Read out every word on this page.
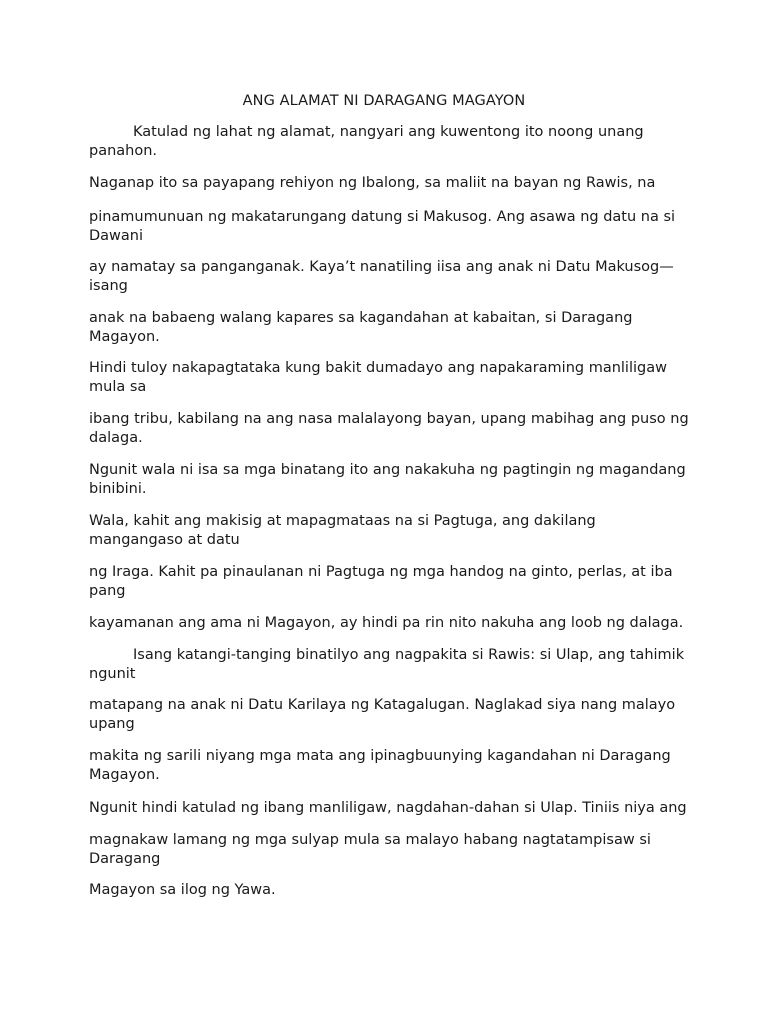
ANG ALAMAT NI DARAGANG MAGAYON

Katulad ng lahat ng alamat, nangyari ang kuwentong ito noong unang panahon.

Naganap ito sa payapang rehiyon ng Ibalong, sa maliit na bayan ng Rawis, na

pinamumunuan ng makatarungang datung si Makusog. Ang asawa ng datu na si Dawani

ay namatay sa panganganak. Kaya’t nanatiling iisa ang anak ni Datu Makusog—isang

anak na babaeng walang kapares sa kagandahan at kabaitan, si Daragang Magayon.

Hindi tuloy nakapagtataka kung bakit dumadayo ang napakaraming manliligaw mula sa

ibang tribu, kabilang na ang nasa malalayong bayan, upang mabihag ang puso ng dalaga.

Ngunit wala ni isa sa mga binatang ito ang nakakuha ng pagtingin ng magandang binibini.

Wala, kahit ang makisig at mapagmataas na si Pagtuga, ang dakilang mangangaso at datu

ng Iraga. Kahit pa pinaulanan ni Pagtuga ng mga handog na ginto, perlas, at iba pang

kayamanan ang ama ni Magayon, ay hindi pa rin nito nakuha ang loob ng dalaga.

Isang katangi-tanging binatilyo ang nagpakita si Rawis: si Ulap, ang tahimik ngunit

matapang na anak ni Datu Karilaya ng Katagalugan. Naglakad siya nang malayo upang

makita ng sarili niyang mga mata ang ipinagbuunying kagandahan ni Daragang Magayon.

Ngunit hindi katulad ng ibang manliligaw, nagdahan-dahan si Ulap. Tiniis niya ang

magnakaw lamang ng mga sulyap mula sa malayo habang nagtatampisaw si Daragang

Magayon sa ilog ng Yawa.
